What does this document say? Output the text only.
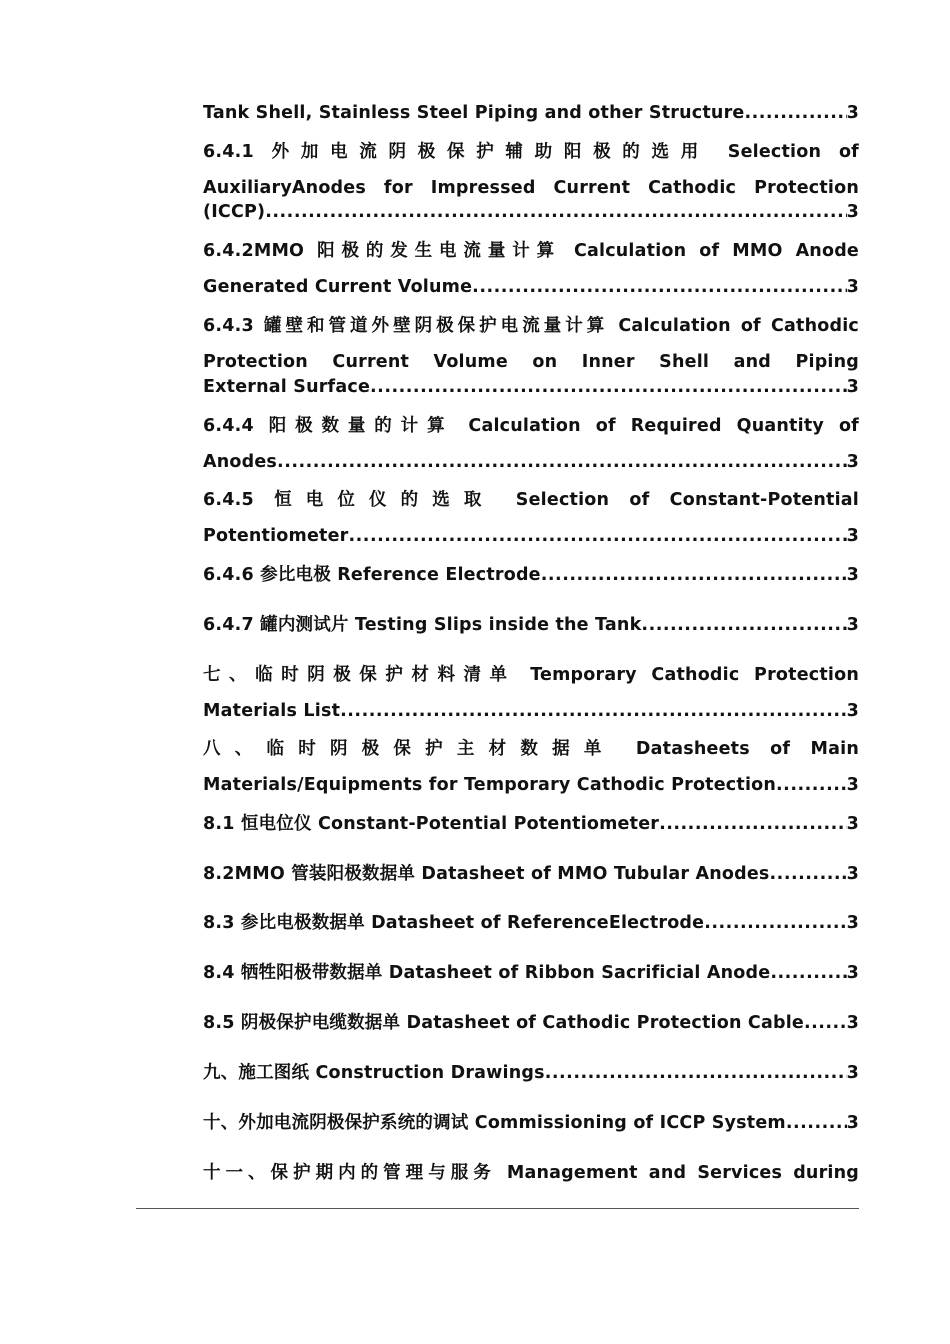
Tank Shell, Stainless Steel Piping and other Structure .....	3
6.4.1 外加电流阴极保护辅助阳极的选用 Selection of
AuxiliaryAnodes for Impressed Current Cathodic Protection
(ICCP) .....	3
6.4.2MMO 阳极的发生电流量计算 Calculation of MMO Anode
Generated Current Volume .....	3
6.4.3 罐壁和管道外壁阴极保护电流量计算 Calculation of Cathodic
Protection Current Volume on Inner Shell and Piping
External Surface .....	3
6.4.4 阳极数量的计算 Calculation of Required Quantity of
Anodes .....	3
6.4.5 恒电位仪的选取 Selection of Constant-Potential
Potentiometer .....	3
6.4.6 参比电极 Reference Electrode .....	3
6.4.7 罐内测试片 Testing Slips inside the Tank .....	3
七、临时阴极保护材料清单 Temporary Cathodic Protection
Materials List .....	3
八、临时阴极保护主材数据单 Datasheets of Main
Materials/Equipments for Temporary Cathodic Protection .....	3
8.1 恒电位仪 Constant-Potential Potentiometer .....	3
8.2MMO 管装阳极数据单 Datasheet of MMO Tubular Anodes .....	3
8.3 参比电极数据单 Datasheet of ReferenceElectrode .....	3
8.4 牺牲阳极带数据单 Datasheet of Ribbon Sacrificial Anode .....	3
8.5 阴极保护电缆数据单 Datasheet of Cathodic Protection Cable ..... 3
九、施工图纸 Construction Drawings .....	3
十、外加电流阴极保护系统的调试 Commissioning of ICCP System .....	3
十一、保护期内的管理与服务 Management and Services during
